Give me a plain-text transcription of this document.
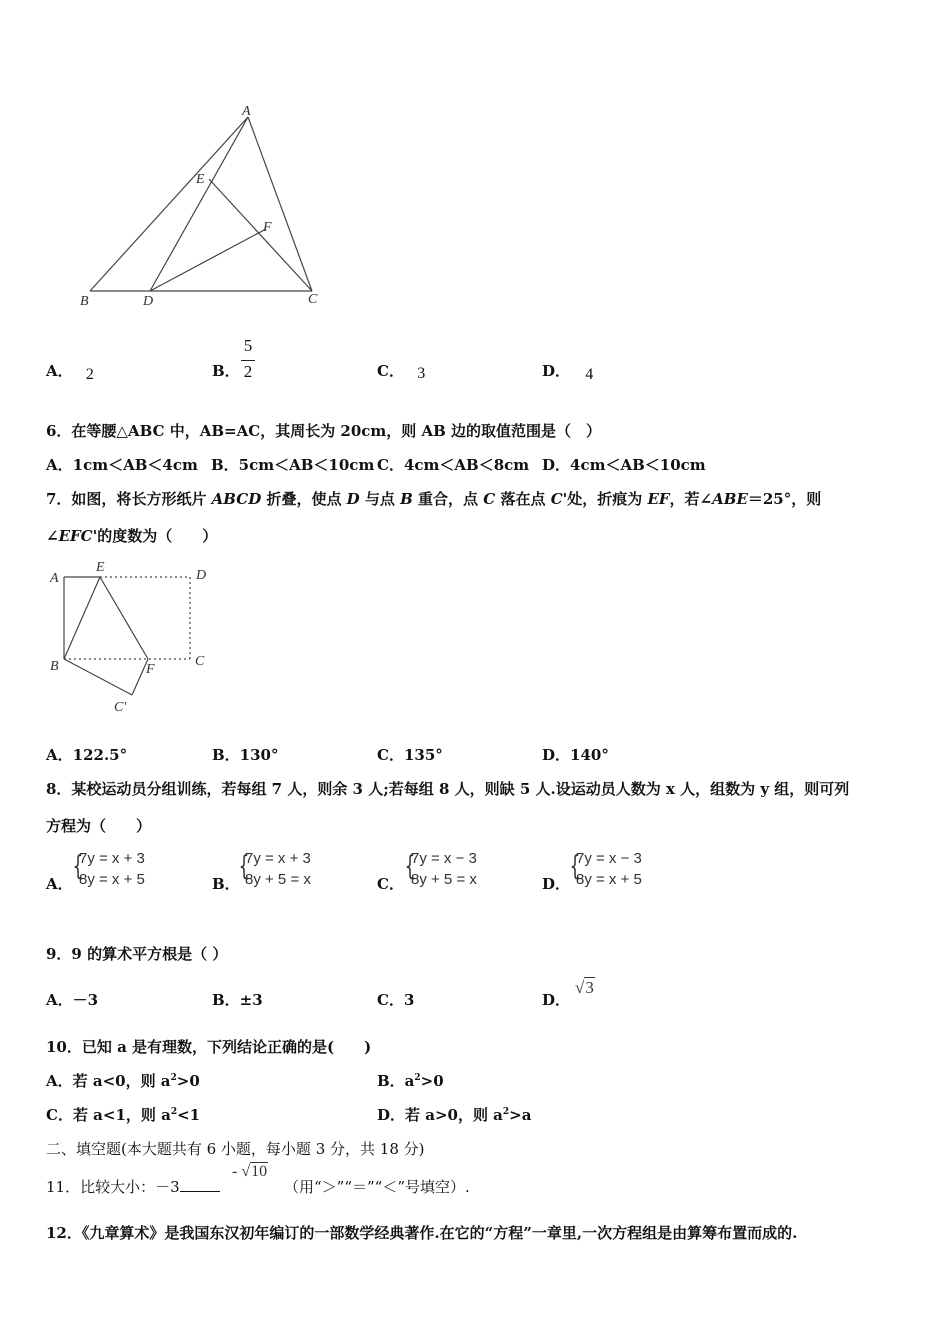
A
E
F
B	D	C
A． 2	B．
5
2	C． 3	D． 4
6．在等腰△ABC 中，AB=AC，其周长为 20cm，则 AB 边的取值范围是（　）
A．1cm＜AB＜4cm B．5cm＜AB＜10cm C．4cm＜AB＜8cm D．4cm＜AB＜10cm
7．如图，将长方形纸片 ABCD 折叠，使点 D 与点 B 重合，点 C 落在点 C'处，折痕为 EF，若∠ABE＝25°，则
∠EFC'的度数为（　　）
A
E
D
B	F
C
C'
A．122.5°	B．130°	C．135°	D．140°
8．某校运动员分组训练，若每组 7 人，则余 3 人;若每组 8 人，则缺 5 人.设运动员人数为 x 人，组数为 y 组，则可列
方程为（　　）
A．
{
7y = x + 3
8y = x + 5	B．
{
7y = x + 3
8y + 5 = x	C．
{
7y = x − 3
8y + 5 = x	D．
{
7y = x − 3
8y = x + 5
9．9 的算术平方根是（ ）
A．－3	B．±3	C．3	D．
√3
10．已知 a 是有理数，下列结论正确的是(　　)
A．若 a<0，则 $a^2>0$	B．$a^2>0$
C．若 a<1，则 $a^2<1$	D．若 a>0，则 $a^2>a$
二、填空题(本大题共有 6 小题，每小题 3 分，共 18 分)
11．比较大小：－3
- √10
（用“＞”“＝”“＜”号填空）.
12．《九章算术》是我国东汉初年编订的一部数学经典著作.在它的“方程”一章里,一次方程组是由算筹布置而成的.
